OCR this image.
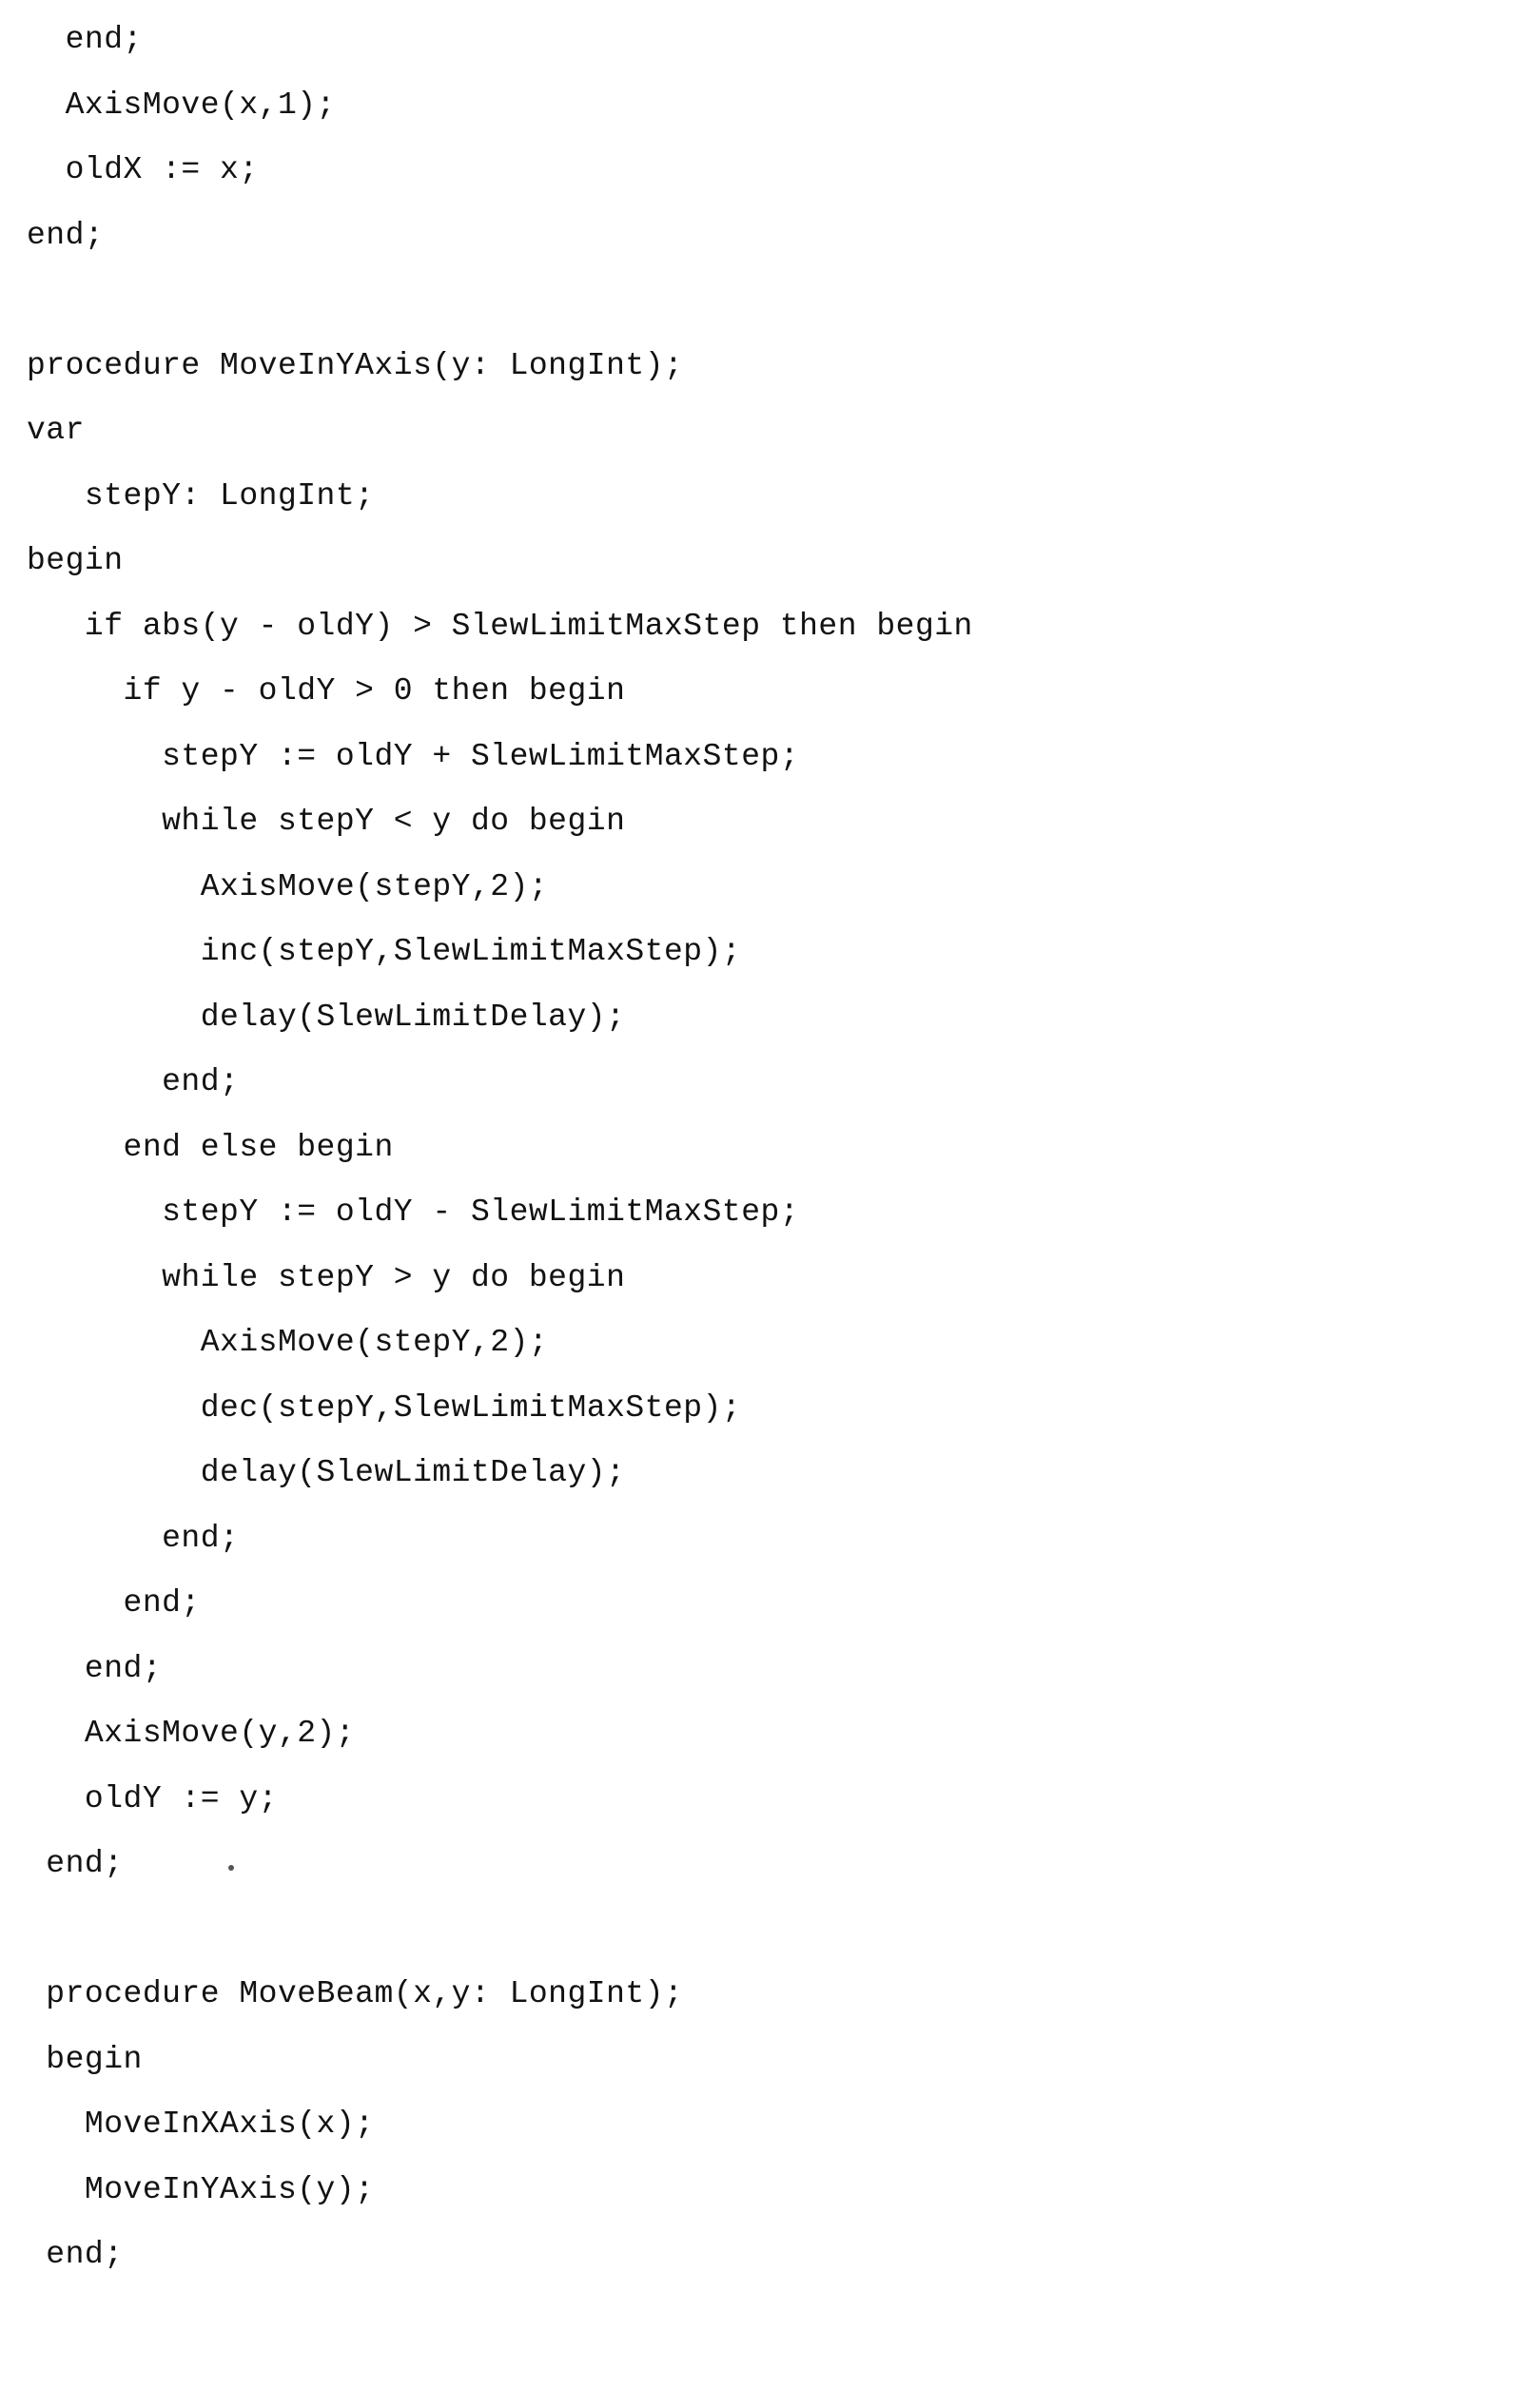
end;
AxisMove(x,1);
oldX := x;
end;
procedure MoveInYAxis(y: LongInt);
var
stepY: LongInt;
begin
if abs(y - oldY) > SlewLimitMaxStep then begin
if y - oldY > 0 then begin
stepY := oldY + SlewLimitMaxStep;
while stepY < y do begin
AxisMove(stepY,2);
inc(stepY,SlewLimitMaxStep);
delay(SlewLimitDelay);
end;
end else begin
stepY := oldY - SlewLimitMaxStep;
while stepY > y do begin
AxisMove(stepY,2);
dec(stepY,SlewLimitMaxStep);
delay(SlewLimitDelay);
end;
end;
end;
AxisMove(y,2);
oldY := y;
end;
procedure MoveBeam(x,y: LongInt);
begin
MoveInXAxis(x);
MoveInYAxis(y);
end;
